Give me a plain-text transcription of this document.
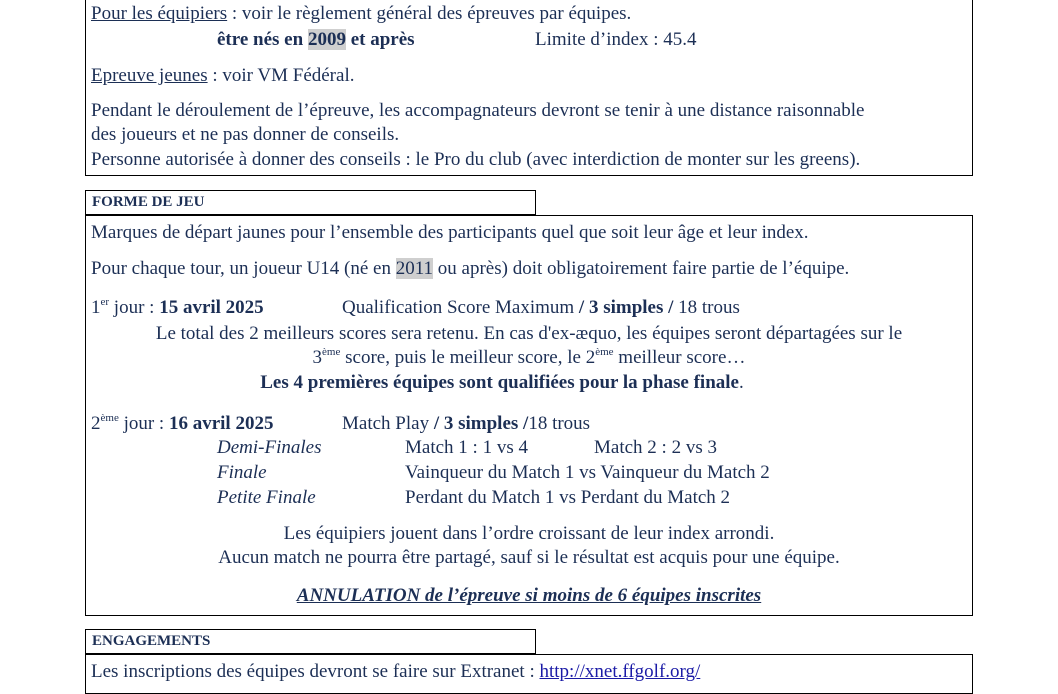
Pour les équipiers : voir le règlement général des épreuves par équipes.
être nés en 2009 et après	Limite d’index : 45.4
Epreuve jeunes : voir VM Fédéral.
Pendant le déroulement de l’épreuve, les accompagnateurs devront se tenir à une distance raisonnable
des joueurs et ne pas donner de conseils.
Personne autorisée à donner des conseils : le Pro du club (avec interdiction de monter sur les greens).
FORME DE JEU
Marques de départ jaunes pour l’ensemble des participants quel que soit leur âge et leur index.
Pour chaque tour, un joueur U14 (né en 2011 ou après) doit obligatoirement faire partie de l’équipe.
1er jour : 15 avril 2025	Qualification Score Maximum / 3 simples / 18 trous
Le total des 2 meilleurs scores sera retenu. En cas d'ex-æquo, les équipes seront départagées sur le
3ème score, puis le meilleur score, le 2ème meilleur score…
Les 4 premières équipes sont qualifiées pour la phase finale.
2ème jour : 16 avril 2025	Match Play / 3 simples /18 trous
Demi-Finales	Match 1 : 1 vs 4	Match 2 : 2 vs 3
Finale	Vainqueur du Match 1 vs Vainqueur du Match 2
Petite Finale	Perdant du Match 1 vs Perdant du Match 2
Les équipiers jouent dans l’ordre croissant de leur index arrondi.
Aucun match ne pourra être partagé, sauf si le résultat est acquis pour une équipe.
ANNULATION de l’épreuve si moins de 6 équipes inscrites
ENGAGEMENTS
Les inscriptions des équipes devront se faire sur Extranet : http://xnet.ffgolf.org/
